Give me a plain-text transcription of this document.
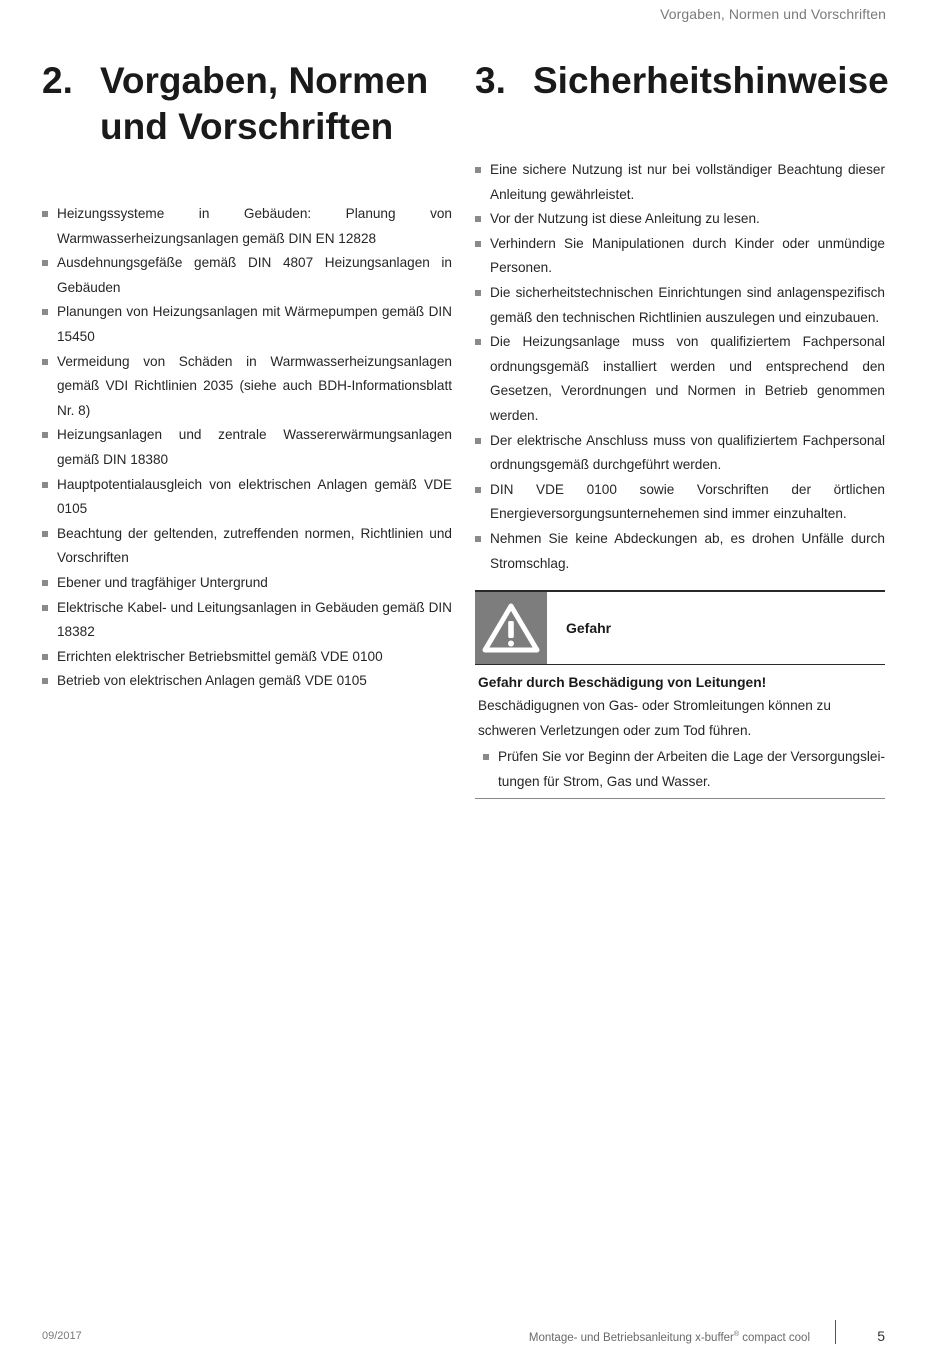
Vorgaben, Normen und Vorschriften
2. Vorgaben, Normen und Vorschriften
Heizungssysteme in Gebäuden: Planung von Warmwasserheizungsanlagen gemäß DIN EN 12828
Ausdehnungsgefäße gemäß DIN 4807 Heizungsanlagen in Gebäuden
Planungen von Heizungsanlagen mit Wärmepumpen gemäß DIN 15450
Vermeidung von Schäden in Warmwasserheizungsanlagen gemäß VDI Richtlinien 2035 (siehe auch BDH-Informationsblatt Nr. 8)
Heizungsanlagen und zentrale Wassererwärmungsanlagen gemäß DIN 18380
Hauptpotentialausgleich von elektrischen Anlagen gemäß VDE 0105
Beachtung der geltenden, zutreffenden normen, Richtlinien und Vorschriften
Ebener und tragfähiger Untergrund
Elektrische Kabel- und Leitungsanlagen in Gebäuden gemäß DIN 18382
Errichten elektrischer Betriebsmittel gemäß VDE 0100
Betrieb von elektrischen Anlagen gemäß VDE 0105
3. Sicherheitshinweise
Eine sichere Nutzung ist nur bei vollständiger Beachtung dieser Anleitung gewährleistet.
Vor der Nutzung ist diese Anleitung zu lesen.
Verhindern Sie Manipulationen durch Kinder oder unmündige Personen.
Die sicherheitstechnischen Einrichtungen sind anlagenspezifisch gemäß den technischen Richtlinien auszulegen und einzubauen.
Die Heizungsanlage muss von qualifiziertem Fachpersonal ordnungsgemäß installiert werden und entsprechend den Gesetzen, Verordnungen und Normen in Betrieb genommen werden.
Der elektrische Anschluss muss von qualifiziertem Fachpersonal ordnungsgemäß durchgeführt werden.
DIN VDE 0100 sowie Vorschriften der örtlichen Energieversorgungsunternehemen sind immer einzuhalten.
Nehmen Sie keine Abdeckungen ab, es drohen Unfälle durch Stromschlag.
Gefahr
Gefahr durch Beschädigung von Leitungen!
Beschädigugnen von Gas- oder Stromleitungen können zu schweren Verletzungen oder zum Tod führen.
Prüfen Sie vor Beginn der Arbeiten die Lage der Versorgungsleitungen für Strom, Gas und Wasser.
09/2017	Montage- und Betriebsanleitung x-buffer® compact cool	5
